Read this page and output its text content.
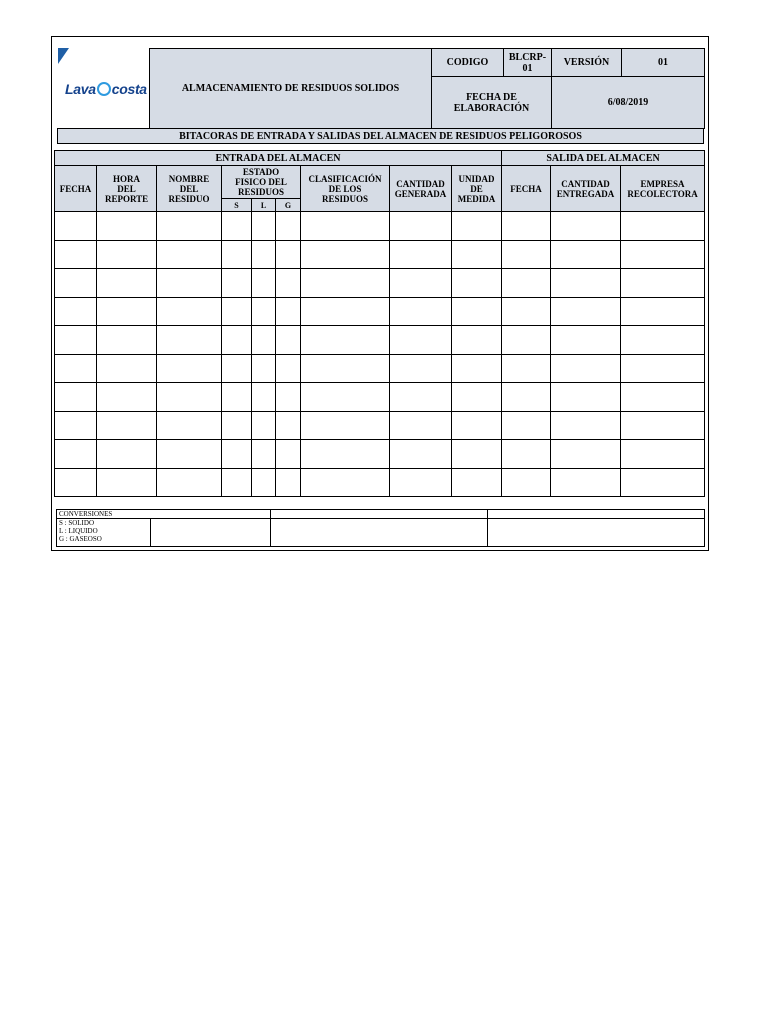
Lava costa	ALMACENAMIENTO DE RESIDUOS SOLIDOS	CODIGO	BLCRP-01	VERSIÓN	01
	FECHA DE ELABORACIÓN		6/08/2019	
BITACORAS DE ENTRADA Y SALIDAS DEL ALMACEN DE RESIDUOS PELIGOROSOS
ENTRADA DEL ALMACEN									SALIDA DEL ALMACEN		
FECHA	HORA DEL REPORTE	NOMBRE DEL RESIDUO	ESTADO FISICO DEL RESIDUOS			CLASIFICACIÓN DE LOS RESIDUOS	CANTIDAD GENERADA	UNIDAD DE MEDIDA	FECHA	CANTIDAD ENTREGADA	EMPRESA RECOLECTORA
			S	L	G						

CONVERSIONES			

S : SOLIDO
L : LIQUIDO
G : GASEOSO			
